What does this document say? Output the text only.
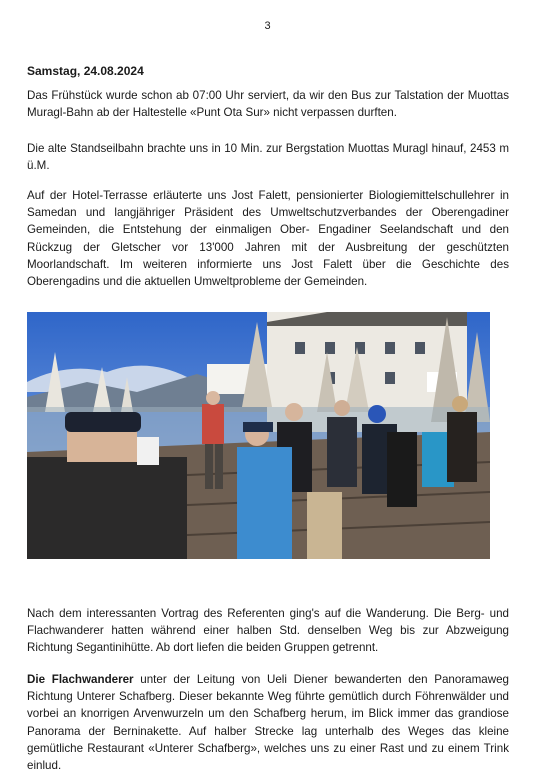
3
Samstag, 24.08.2024

Das Frühstück wurde schon ab 07:00 Uhr serviert, da wir den Bus zur Talstation der Muottas Muragl-Bahn ab der Haltestelle «Punt Ota Sur» nicht verpassen durften.

Die alte Standseilbahn brachte uns in 10 Min. zur Bergstation Muottas Muragl hinauf, 2453 m ü.M.

Auf der Hotel-Terrasse erläuterte uns Jost Falett, pensionierter Biologiemittelschullehrer in Samedan und langjähriger Präsident des Umweltschutzverbandes der Oberengadiner Gemeinden, die Entstehung der einmaligen Ober- Engadiner Seelandschaft und den Rückzug der Gletscher vor 13'000 Jahren mit der Ausbreitung der geschützten Moorlandschaft. Im weiteren informierte uns Jost Falett über die Geschichte des Oberengadins und die aktuellen Umweltprobleme der Gemeinden.

Nach dem interessanten Vortrag des Referenten ging's auf die Wanderung. Die Berg- und Flachwanderer hatten während einer halben Std. denselben Weg bis zur Abzweigung Richtung Segantinihütte. Ab dort liefen die beiden Gruppen getrennt.

Die Flachwanderer unter der Leitung von Ueli Diener bewanderten den Panoramaweg Richtung Unterer Schafberg. Dieser bekannte Weg führte gemütlich durch Föhrenwälder und vorbei an knorrigen Arvenwurzeln um den Schafberg herum, im Blick immer das grandiose Panorama der Berninakette. Auf halber Strecke lag unterhalb des Weges das kleine gemütliche Restaurant «Unterer Schafberg», welches uns zu einer Rast und zu einem Trink einlud.
